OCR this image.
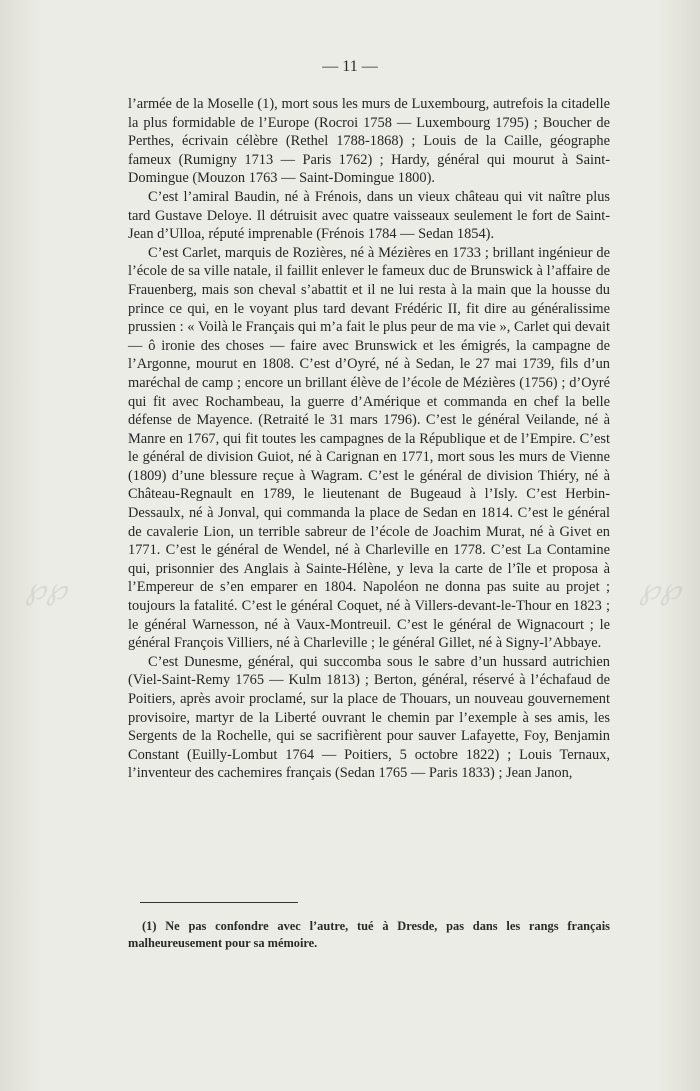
℘℘	℘℘
— 11 —

l’armée de la Moselle (1), mort sous les murs de Luxembourg, autrefois la citadelle la plus formidable de l’Europe (Rocroi 1758 — Luxembourg 1795) ; Boucher de Perthes, écrivain célèbre (Rethel 1788-1868) ; Louis de la Caille, géographe fameux (Rumigny 1713 — Paris 1762) ; Hardy, général qui mourut à Saint-Domingue (Mouzon 1763 — Saint-Domingue 1800).

C’est l’amiral Baudin, né à Frénois, dans un vieux château qui vit naître plus tard Gustave Deloye. Il détruisit avec quatre vaisseaux seulement le fort de Saint-Jean d’Ulloa, réputé imprenable (Frénois 1784 — Sedan 1854).

C’est Carlet, marquis de Rozières, né à Mézières en 1733 ; brillant ingénieur de l’école de sa ville natale, il faillit enlever le fameux duc de Brunswick à l’affaire de Frauenberg, mais son cheval s’abattit et il ne lui resta à la main que la housse du prince ce qui, en le voyant plus tard devant Frédéric II, fit dire au généralissime prussien : « Voilà le Français qui m’a fait le plus peur de ma vie », Carlet qui devait — ô ironie des choses — faire avec Brunswick et les émigrés, la campagne de l’Argonne, mourut en 1808. C’est d’Oyré, né à Sedan, le 27 mai 1739, fils d’un maréchal de camp ; encore un brillant élève de l’école de Mézières (1756) ; d’Oyré qui fit avec Rochambeau, la guerre d’Amérique et commanda en chef la belle défense de Mayence. (Retraité le 31 mars 1796). C’est le général Veilande, né à Manre en 1767, qui fit toutes les campagnes de la République et de l’Empire. C’est le général de division Guiot, né à Carignan en 1771, mort sous les murs de Vienne (1809) d’une blessure reçue à Wagram. C’est le général de division Thiéry, né à Château-Regnault en 1789, le lieutenant de Bugeaud à l’Isly. C’est Herbin-Dessaulx, né à Jonval, qui commanda la place de Sedan en 1814. C’est le général de cavalerie Lion, un terrible sabreur de l’école de Joachim Murat, né à Givet en 1771. C’est le général de Wendel, né à Charleville en 1778. C’est La Contamine qui, prisonnier des Anglais à Sainte-Hélène, y leva la carte de l’île et proposa à l’Empereur de s’en emparer en 1804. Napoléon ne donna pas suite au projet ; toujours la fatalité. C’est le général Coquet, né à Villers-devant-le-Thour en 1823 ; le général Warnesson, né à Vaux-Montreuil. C’est le général de Wignacourt ; le général François Villiers, né à Charleville ; le général Gillet, né à Signy-l’Abbaye.

C’est Dunesme, général, qui succomba sous le sabre d’un hussard autrichien (Viel-Saint-Remy 1765 — Kulm 1813) ; Berton, général, réservé à l’échafaud de Poitiers, après avoir proclamé, sur la place de Thouars, un nouveau gouvernement provisoire, martyr de la Liberté ouvrant le chemin par l’exemple à ses amis, les Sergents de la Rochelle, qui se sacrifièrent pour sauver Lafayette, Foy, Benjamin Constant (Euilly-Lombut 1764 — Poitiers, 5 octobre 1822) ; Louis Ternaux, l’inventeur des cachemires français (Sedan 1765 — Paris 1833) ; Jean Janon,

(1) Ne pas confondre avec l’autre, tué à Dresde, pas dans les rangs français malheureusement pour sa mémoire.
